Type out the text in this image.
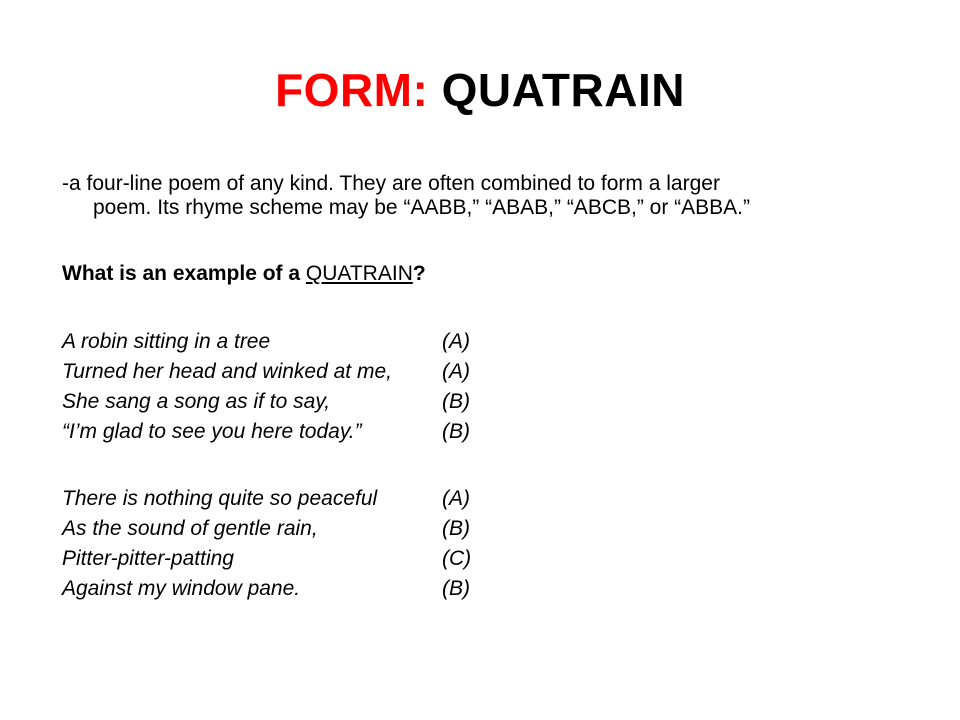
FORM: QUATRAIN
-a four-line poem of any kind. They are often combined to form a larger
poem. Its rhyme scheme may be “AABB,” “ABAB,” “ABCB,” or “ABBA.”
What is an example of a QUATRAIN?
A robin sitting in a tree	(A)
Turned her head and winked at me, (A)
She sang a song as if to say,	(B)
“I’m glad to see you here today.”	(B)
There is nothing quite so peaceful	(A)
As the sound of gentle rain,	(B)
Pitter-pitter-patting	(C)
Against my window pane.	(B)
